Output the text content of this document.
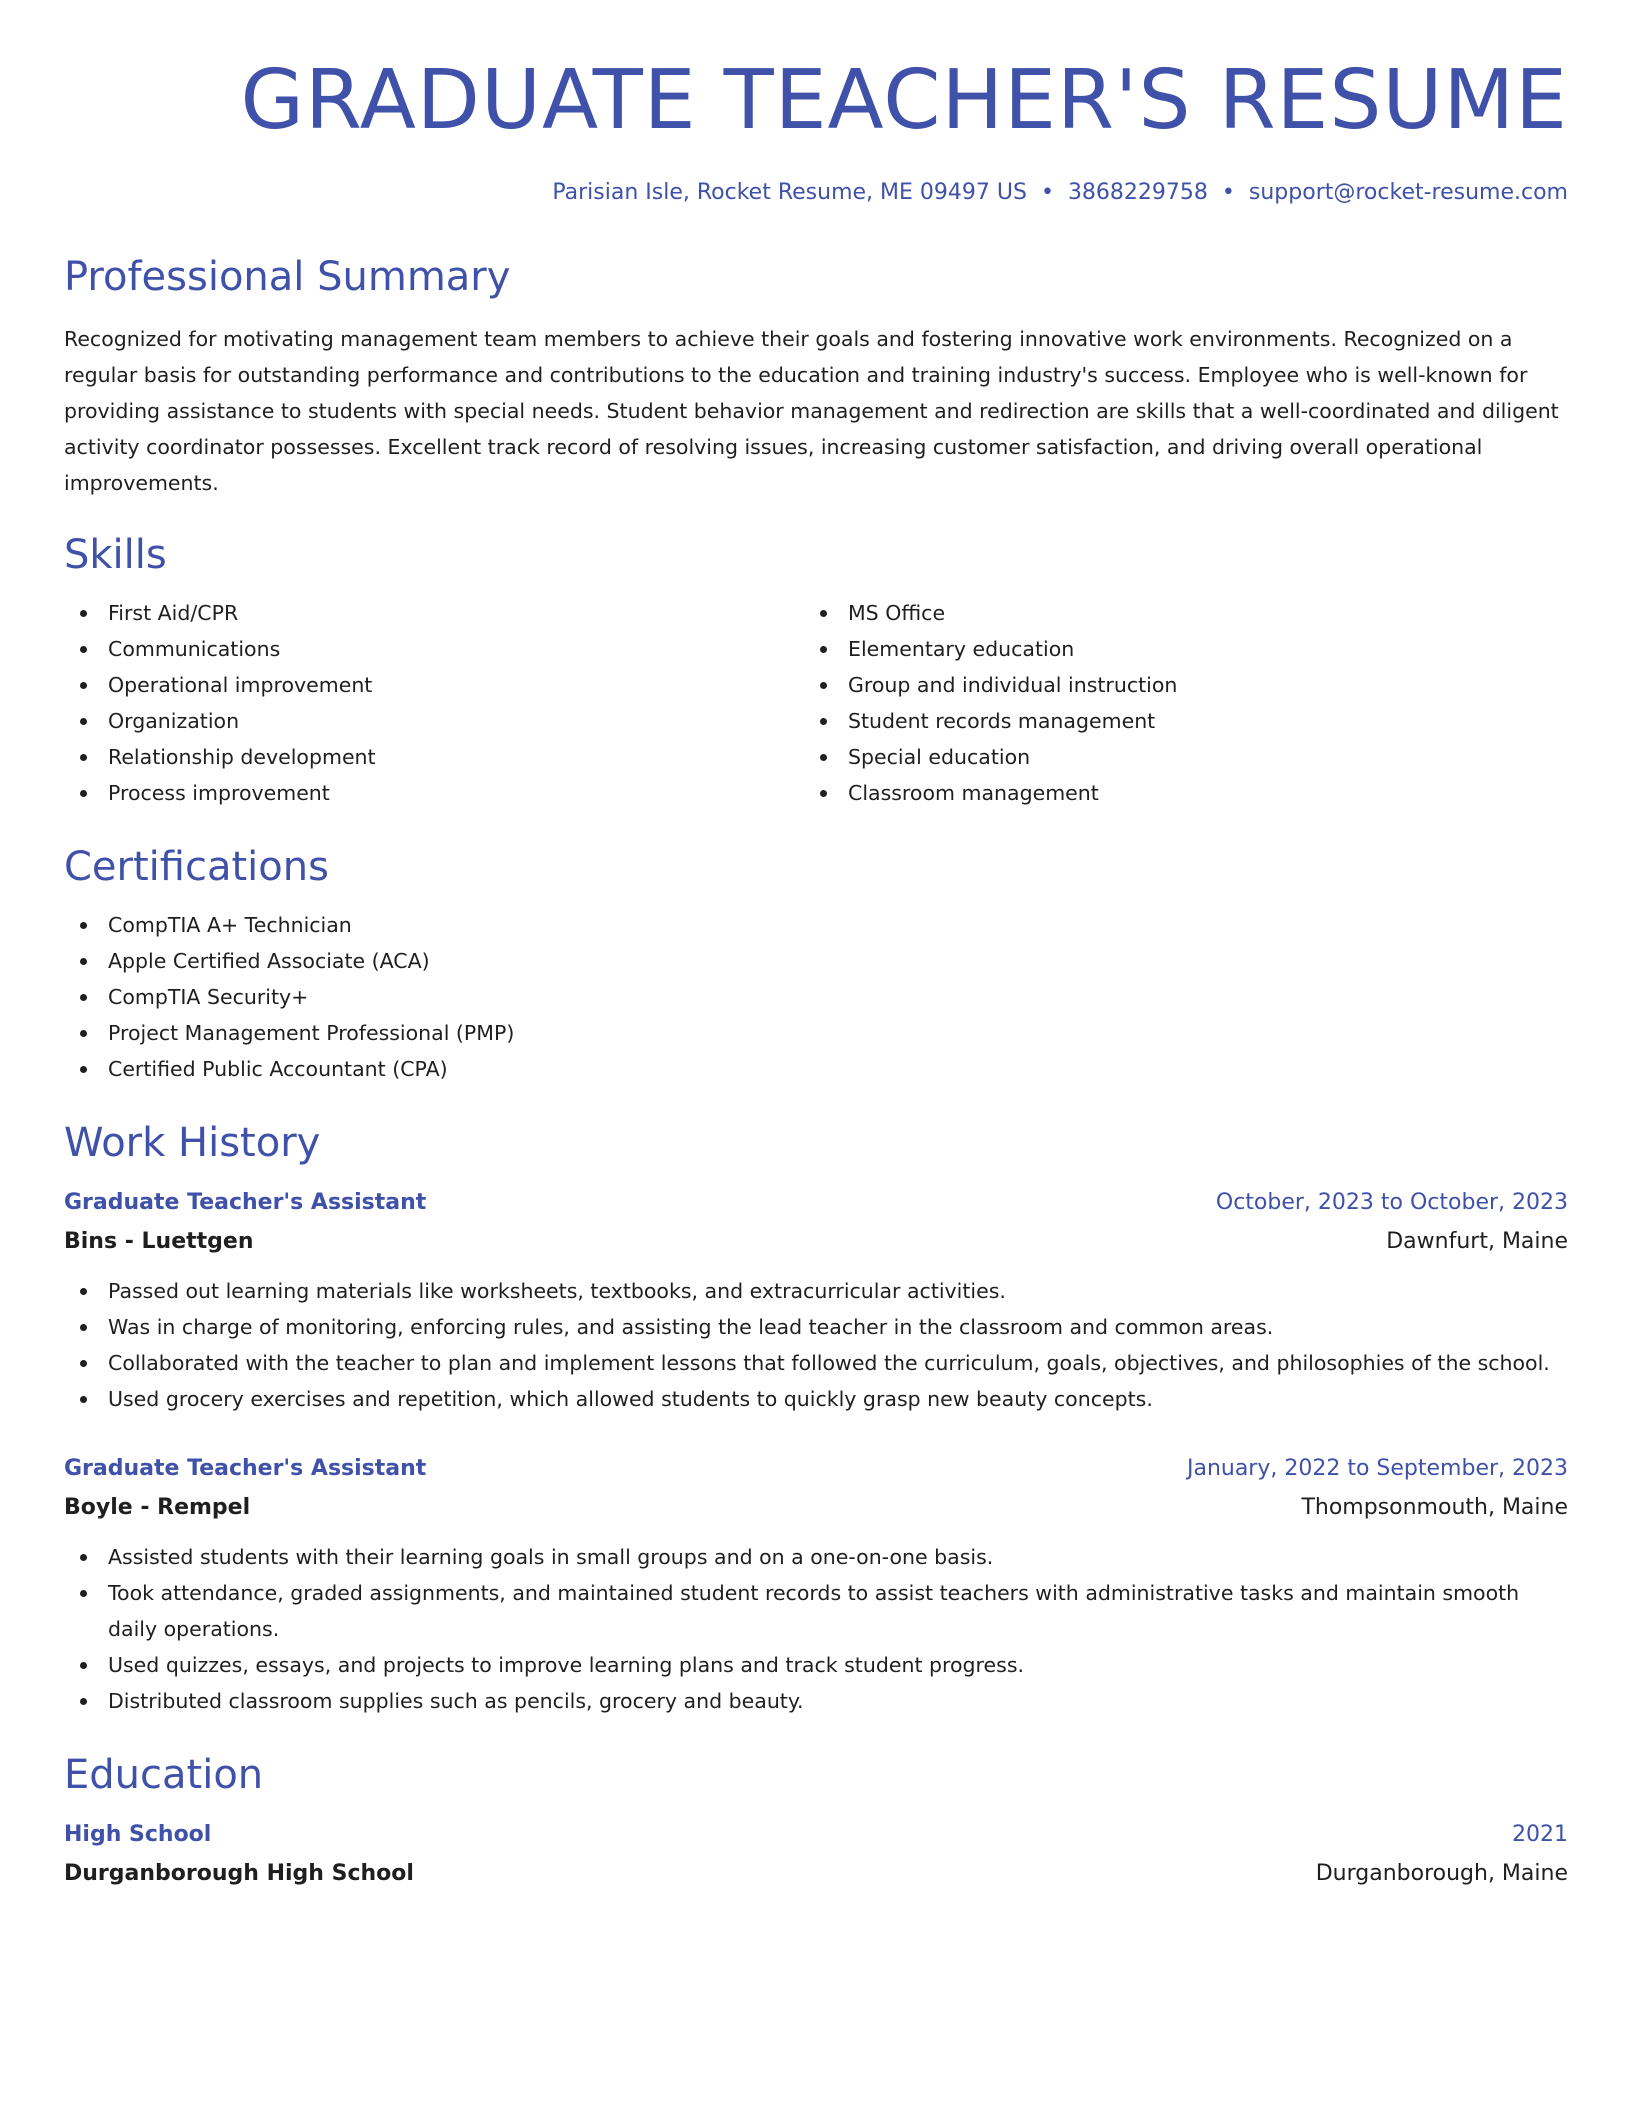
GRADUATE TEACHER'S RESUME
Parisian Isle, Rocket Resume, ME 09497 US • 3868229758 • support@rocket-resume.com
Professional Summary
Recognized for motivating management team members to achieve their goals and fostering innovative work environments. Recognized on a regular basis for outstanding performance and contributions to the education and training industry's success. Employee who is well-known for providing assistance to students with special needs. Student behavior management and redirection are skills that a well-coordinated and diligent activity coordinator possesses. Excellent track record of resolving issues, increasing customer satisfaction, and driving overall operational improvements.
Skills
First Aid/CPR
Communications
Operational improvement
Organization
Relationship development
Process improvement
MS Office
Elementary education
Group and individual instruction
Student records management
Special education
Classroom management
Certifications
CompTIA A+ Technician
Apple Certified Associate (ACA)
CompTIA Security+
Project Management Professional (PMP)
Certified Public Accountant (CPA)
Work History
Graduate Teacher's Assistant	October, 2023 to October, 2023
Bins - Luettgen	Dawnfurt, Maine
Passed out learning materials like worksheets, textbooks, and extracurricular activities.
Was in charge of monitoring, enforcing rules, and assisting the lead teacher in the classroom and common areas.
Collaborated with the teacher to plan and implement lessons that followed the curriculum, goals, objectives, and philosophies of the school.
Used grocery exercises and repetition, which allowed students to quickly grasp new beauty concepts.
Graduate Teacher's Assistant	January, 2022 to September, 2023
Boyle - Rempel	Thompsonmouth, Maine
Assisted students with their learning goals in small groups and on a one-on-one basis.
Took attendance, graded assignments, and maintained student records to assist teachers with administrative tasks and maintain smooth daily operations.
Used quizzes, essays, and projects to improve learning plans and track student progress.
Distributed classroom supplies such as pencils, grocery and beauty.
Education
High School	2021
Durganborough High School	Durganborough, Maine
